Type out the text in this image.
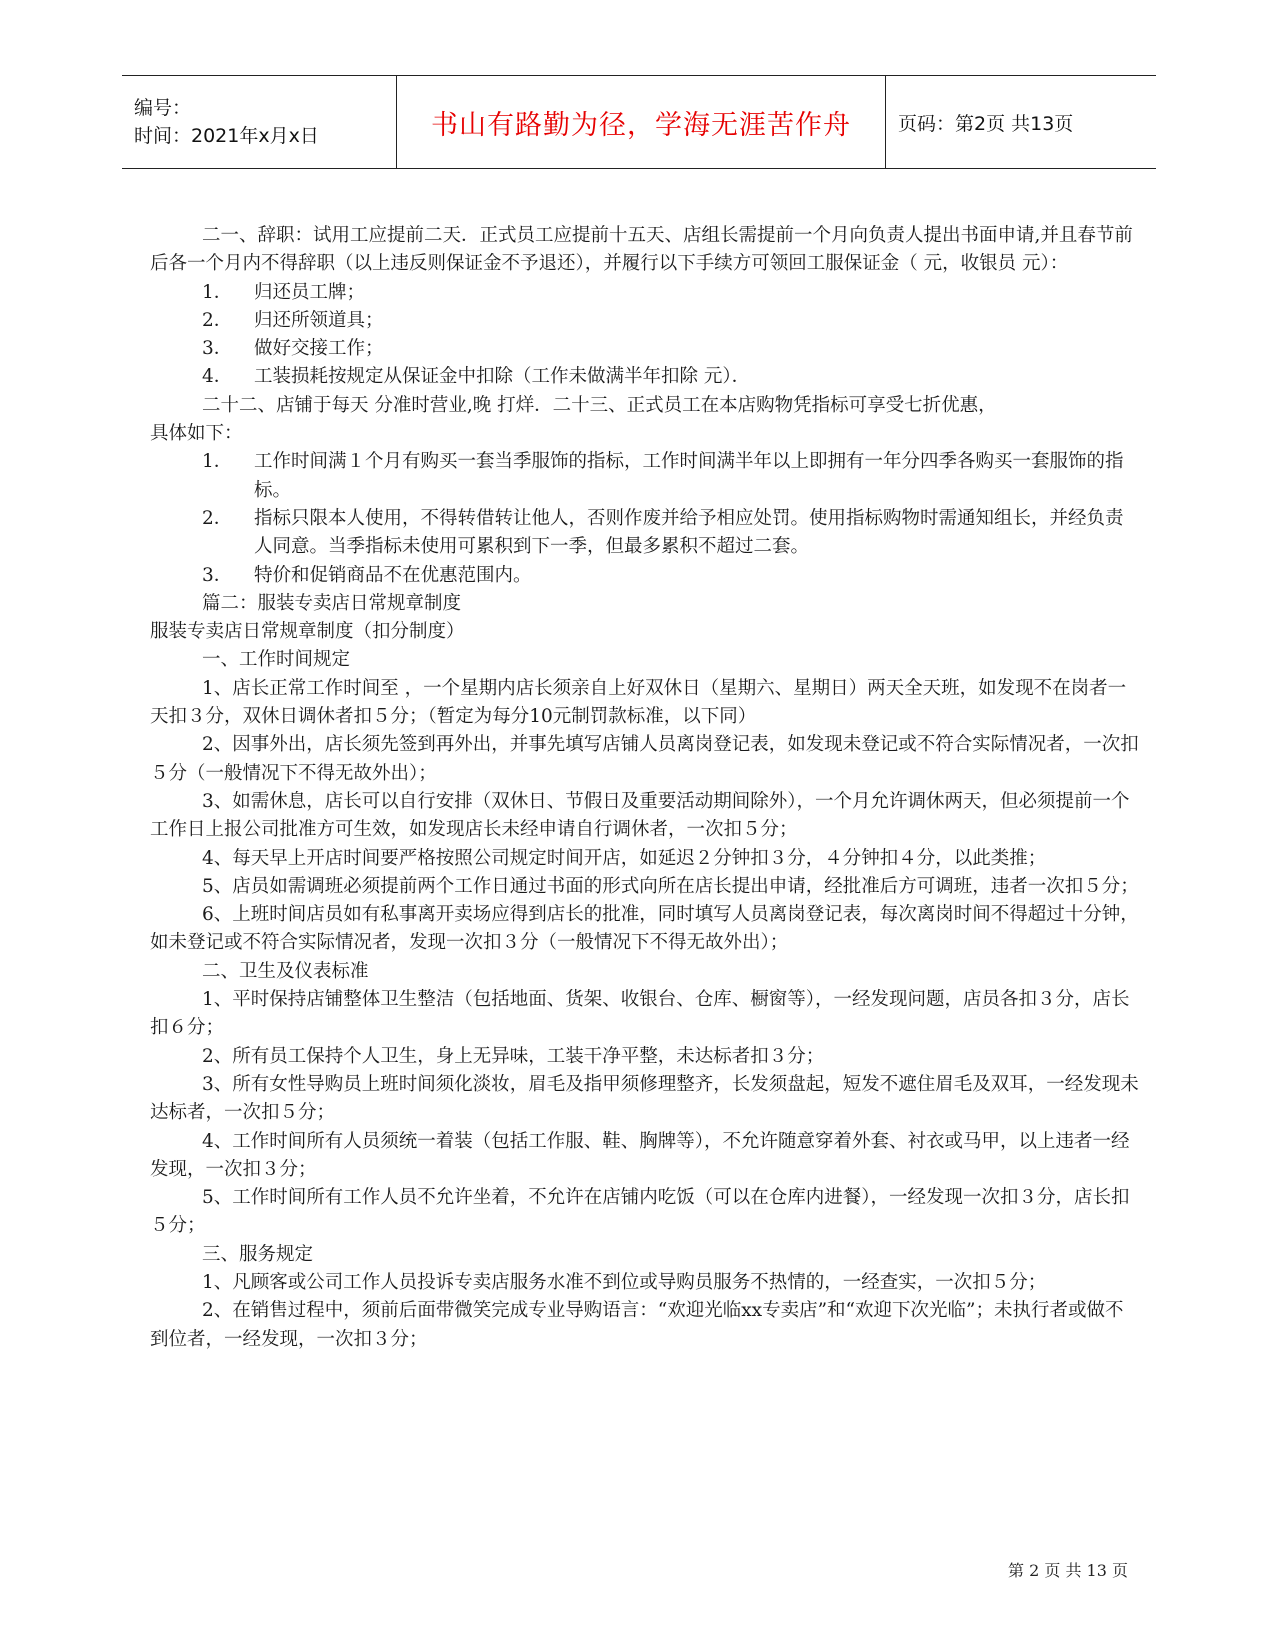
编号：
时间：2021年x月x日	书山有路勤为径，学海无涯苦作舟 页码：第2页 共13页

二一、辞职：试用工应提前二天．正式员工应提前十五天、店组长需提前一个月向负责人提出书面申请,并且春节前后各一个月内不得辞职（以上违反则保证金不予退还），并履行以下手续方可领回工服保证金（ 元，收银员 元）：

1．	归还员工牌；
2．	归还所领道具；
3．	做好交接工作；
4．	工装损耗按规定从保证金中扣除（工作未做满半年扣除 元）．

二十二、店铺于每天 分准时营业,晚 打烊．二十三、正式员工在本店购物凭指标可享受七折优惠，

具体如下：

1．	工作时间满１个月有购买一套当季服饰的指标，工作时间满半年以上即拥有一年分四季各购买一套服饰的指标。
2．	指标只限本人使用，不得转借转让他人，否则作废并给予相应处罚。使用指标购物时需通知组长，并经负责人同意。当季指标未使用可累积到下一季，但最多累积不超过二套。
3．	特价和促销商品不在优惠范围内。

篇二：服装专卖店日常规章制度

服装专卖店日常规章制度（扣分制度）

一、工作时间规定

1、店长正常工作时间至 ，一个星期内店长须亲自上好双休日（星期六、星期日）两天全天班，如发现不在岗者一天扣３分，双休日调休者扣５分；（暂定为每分10元制罚款标准，以下同）

2、因事外出，店长须先签到再外出，并事先填写店铺人员离岗登记表，如发现未登记或不符合实际情况者，一次扣５分（一般情况下不得无故外出）；

3、如需休息，店长可以自行安排（双休日、节假日及重要活动期间除外），一个月允许调休两天，但必须提前一个工作日上报公司批准方可生效，如发现店长未经申请自行调休者，一次扣５分；

4、每天早上开店时间要严格按照公司规定时间开店，如延迟２分钟扣３分，４分钟扣４分，以此类推；

5、店员如需调班必须提前两个工作日通过书面的形式向所在店长提出申请，经批准后方可调班，违者一次扣５分；

6、上班时间店员如有私事离开卖场应得到店长的批准，同时填写人员离岗登记表，每次离岗时间不得超过十分钟，如未登记或不符合实际情况者，发现一次扣３分（一般情况下不得无故外出）；

二、卫生及仪表标准

1、平时保持店铺整体卫生整洁（包括地面、货架、收银台、仓库、橱窗等），一经发现问题，店员各扣３分，店长扣６分；

2、所有员工保持个人卫生，身上无异味，工装干净平整，未达标者扣３分；

3、所有女性导购员上班时间须化淡妆，眉毛及指甲须修理整齐，长发须盘起，短发不遮住眉毛及双耳，一经发现未达标者，一次扣５分；

4、工作时间所有人员须统一着装（包括工作服、鞋、胸牌等），不允许随意穿着外套、衬衣或马甲，以上违者一经发现，一次扣３分；

5、工作时间所有工作人员不允许坐着，不允许在店铺内吃饭（可以在仓库内进餐），一经发现一次扣３分，店长扣５分；

三、服务规定

1、凡顾客或公司工作人员投诉专卖店服务水准不到位或导购员服务不热情的，一经查实，一次扣５分；

2、在销售过程中，须前后面带微笑完成专业导购语言：“欢迎光临xx专卖店”和“欢迎下次光临”；未执行者或做不到位者，一经发现，一次扣３分；

第 2 页 共 13 页
